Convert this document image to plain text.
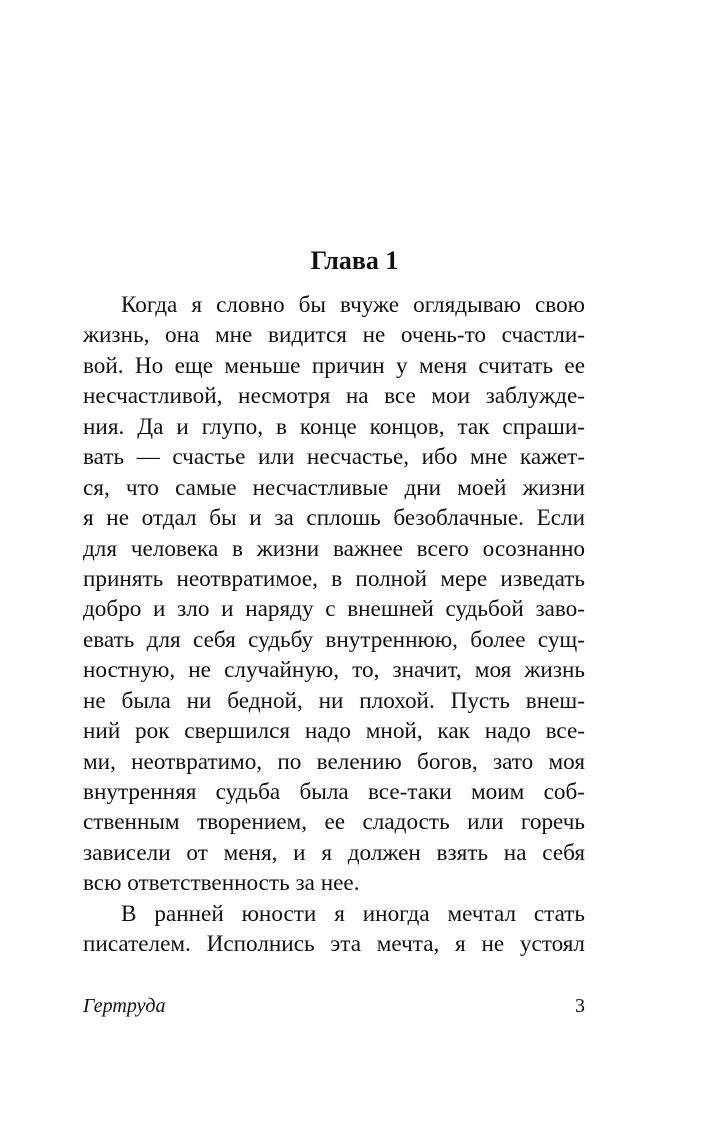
Глава 1
Когда я словно бы вчуже оглядываю свою
жизнь, она мне видится не очень-то счастли-
вой. Но еще меньше причин у меня считать ее
несчастливой, несмотря на все мои заблужде-
ния. Да и глупо, в конце концов, так спраши-
вать — счастье или несчастье, ибо мне кажет-
ся, что самые несчастливые дни моей жизни
я не отдал бы и за сплошь безоблачные. Если
для человека в жизни важнее всего осознанно
принять неотвратимое, в полной мере изведать
добро и зло и наряду с внешней судьбой заво-
евать для себя судьбу внутреннюю, более сущ-
ностную, не случайную, то, значит, моя жизнь
не была ни бедной, ни плохой. Пусть внеш-
ний рок свершился надо мной, как надо все-
ми, неотвратимо, по велению богов, зато моя
внутренняя судьба была все-таки моим соб-
ственным творением, ее сладость или горечь
зависели от меня, и я должен взять на себя
всю ответственность за нее.
В ранней юности я иногда мечтал стать
писателем. Исполнись эта мечта, я не устоял
Гертруда	3
